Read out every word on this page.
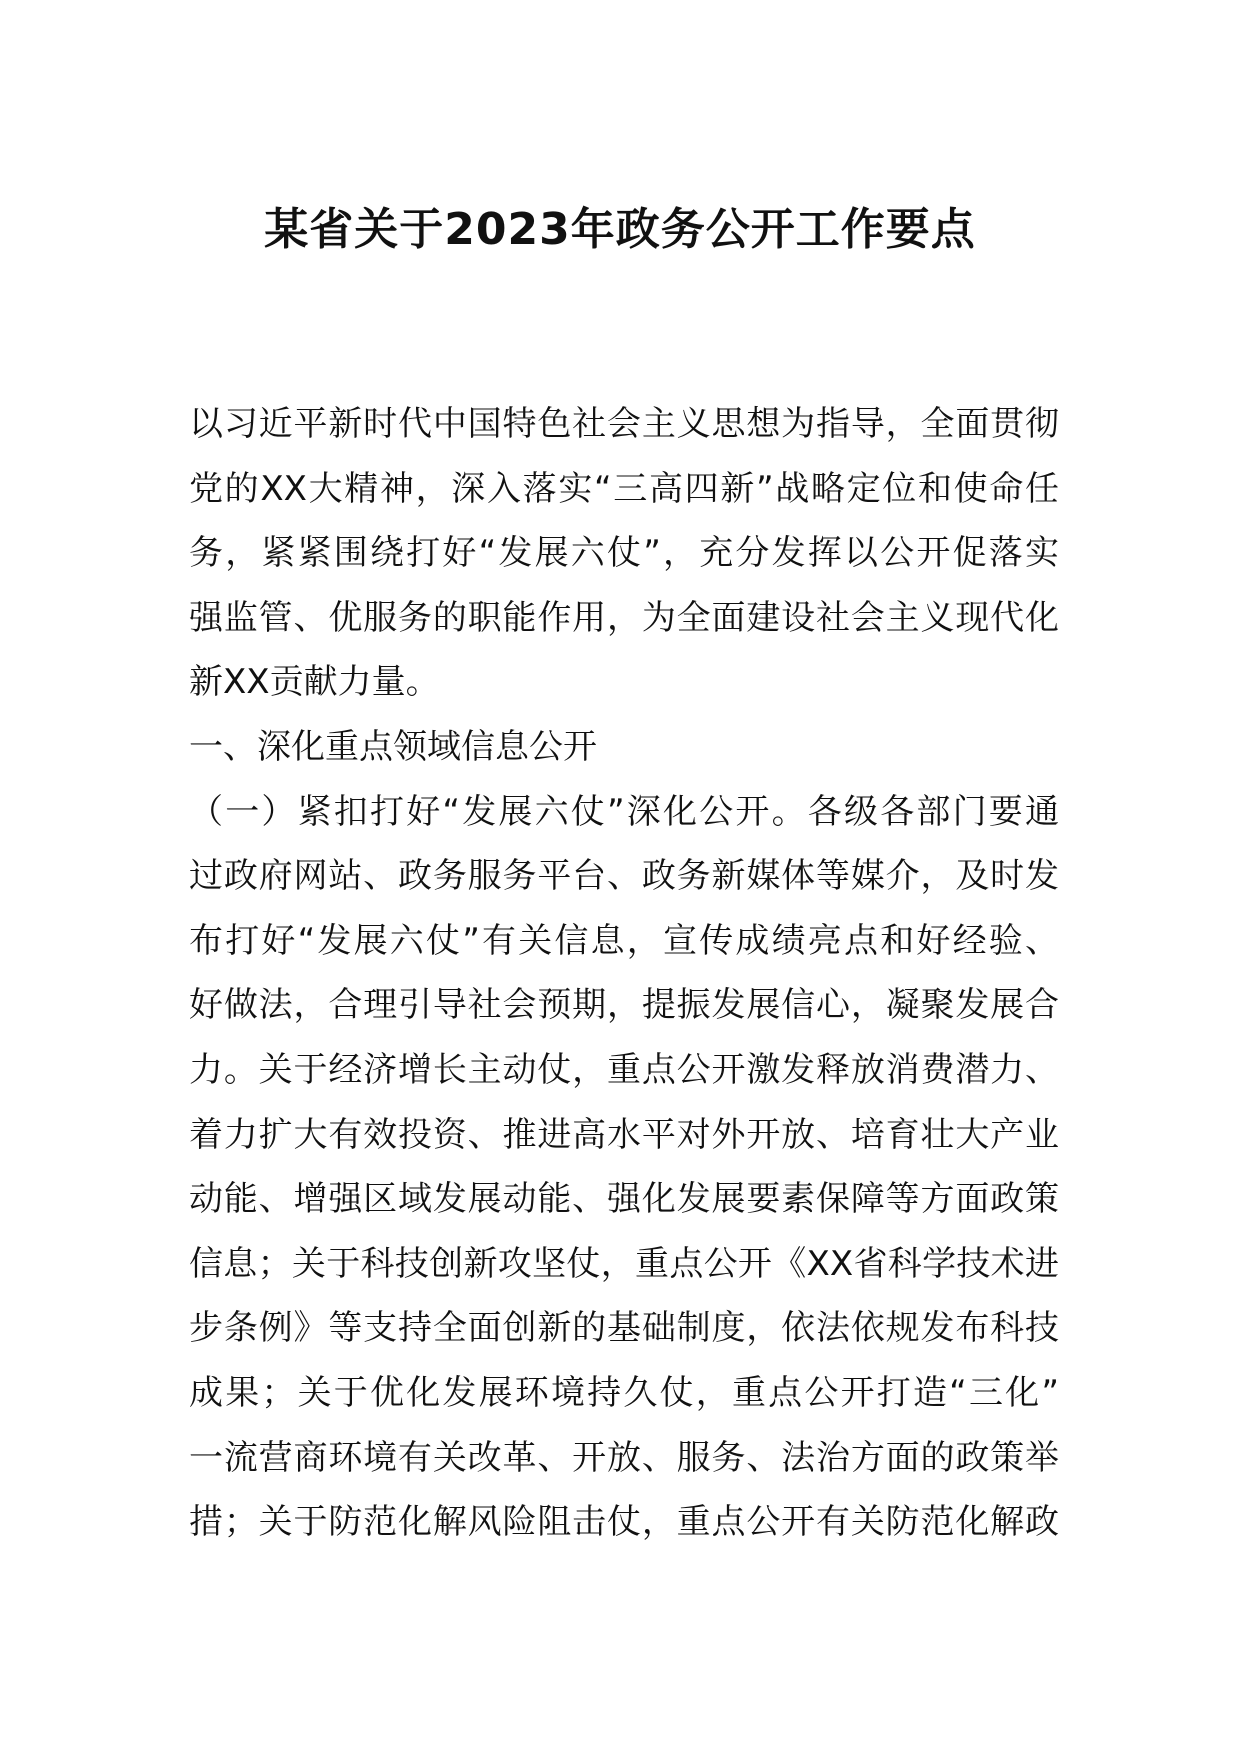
某省关于2023年政务公开工作要点
以习近平新时代中国特色社会主义思想为指导，全面贯彻
党的XX大精神，深入落实“三高四新”战略定位和使命任
务，紧紧围绕打好“发展六仗”，充分发挥以公开促落实
强监管、优服务的职能作用，为全面建设社会主义现代化
新XX贡献力量。
一、深化重点领域信息公开
（一）紧扣打好“发展六仗”深化公开。各级各部门要通
过政府网站、政务服务平台、政务新媒体等媒介，及时发
布打好“发展六仗”有关信息，宣传成绩亮点和好经验、
好做法，合理引导社会预期，提振发展信心，凝聚发展合
力。关于经济增长主动仗，重点公开激发释放消费潜力、
着力扩大有效投资、推进高水平对外开放、培育壮大产业
动能、增强区域发展动能、强化发展要素保障等方面政策
信息；关于科技创新攻坚仗，重点公开《XX省科学技术进
步条例》等支持全面创新的基础制度，依法依规发布科技
成果；关于优化发展环境持久仗，重点公开打造“三化”
一流营商环境有关改革、开放、服务、法治方面的政策举
措；关于防范化解风险阻击仗，重点公开有关防范化解政
